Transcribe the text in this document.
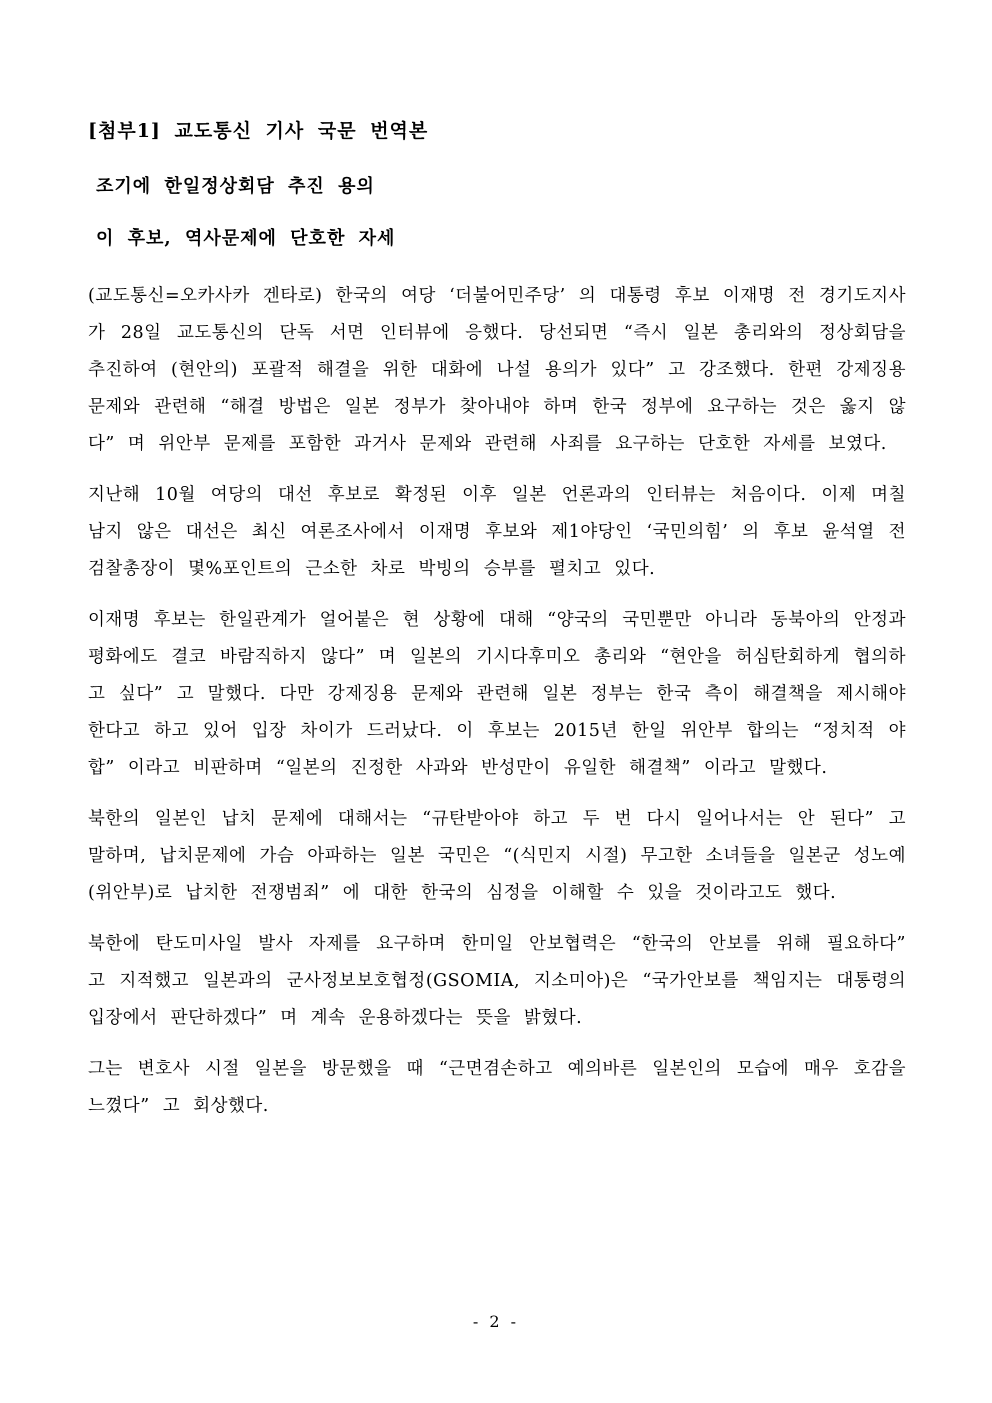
[첨부1] 교도통신 기사 국문 번역본
조기에 한일정상회담 추진 용의
이 후보, 역사문제에 단호한 자세

(교도통신=오카사카 겐타로) 한국의 여당 ‘더불어민주당’ 의 대통령 후보 이재명 전 경기도지사가 28일 교도통신의 단독 서면 인터뷰에 응했다. 당선되면 “즉시 일본 총리와의 정상회담을 추진하여 (현안의) 포괄적 해결을 위한 대화에 나설 용의가 있다” 고 강조했다. 한편 강제징용 문제와 관련해 “해결 방법은 일본 정부가 찾아내야 하며 한국 정부에 요구하는 것은 옳지 않다” 며 위안부 문제를 포함한 과거사 문제와 관련해 사죄를 요구하는 단호한 자세를 보였다.

지난해 10월 여당의 대선 후보로 확정된 이후 일본 언론과의 인터뷰는 처음이다. 이제 며칠 남지 않은 대선은 최신 여론조사에서 이재명 후보와 제1야당인 ‘국민의힘’ 의 후보 윤석열 전 검찰총장이 몇%포인트의 근소한 차로 박빙의 승부를 펼치고 있다.

이재명 후보는 한일관계가 얼어붙은 현 상황에 대해 “양국의 국민뿐만 아니라 동북아의 안정과 평화에도 결코 바람직하지 않다” 며 일본의 기시다후미오 총리와 “현안을 허심탄회하게 협의하고 싶다” 고 말했다. 다만 강제징용 문제와 관련해 일본 정부는 한국 측이 해결책을 제시해야 한다고 하고 있어 입장 차이가 드러났다. 이 후보는 2015년 한일 위안부 합의는 “정치적 야합” 이라고 비판하며 “일본의 진정한 사과와 반성만이 유일한 해결책” 이라고 말했다.

북한의 일본인 납치 문제에 대해서는 “규탄받아야 하고 두 번 다시 일어나서는 안 된다” 고 말하며, 납치문제에 가슴 아파하는 일본 국민은 “(식민지 시절) 무고한 소녀들을 일본군 성노예(위안부)로 납치한 전쟁범죄” 에 대한 한국의 심정을 이해할 수 있을 것이라고도 했다.

북한에 탄도미사일 발사 자제를 요구하며 한미일 안보협력은 “한국의 안보를 위해 필요하다” 고 지적했고 일본과의 군사정보보호협정(GSOMIA, 지소미아)은 “국가안보를 책임지는 대통령의 입장에서 판단하겠다” 며 계속 운용하겠다는 뜻을 밝혔다.

그는 변호사 시절 일본을 방문했을 때 “근면겸손하고 예의바른 일본인의 모습에 매우 호감을 느꼈다” 고 회상했다.

- 2 -
